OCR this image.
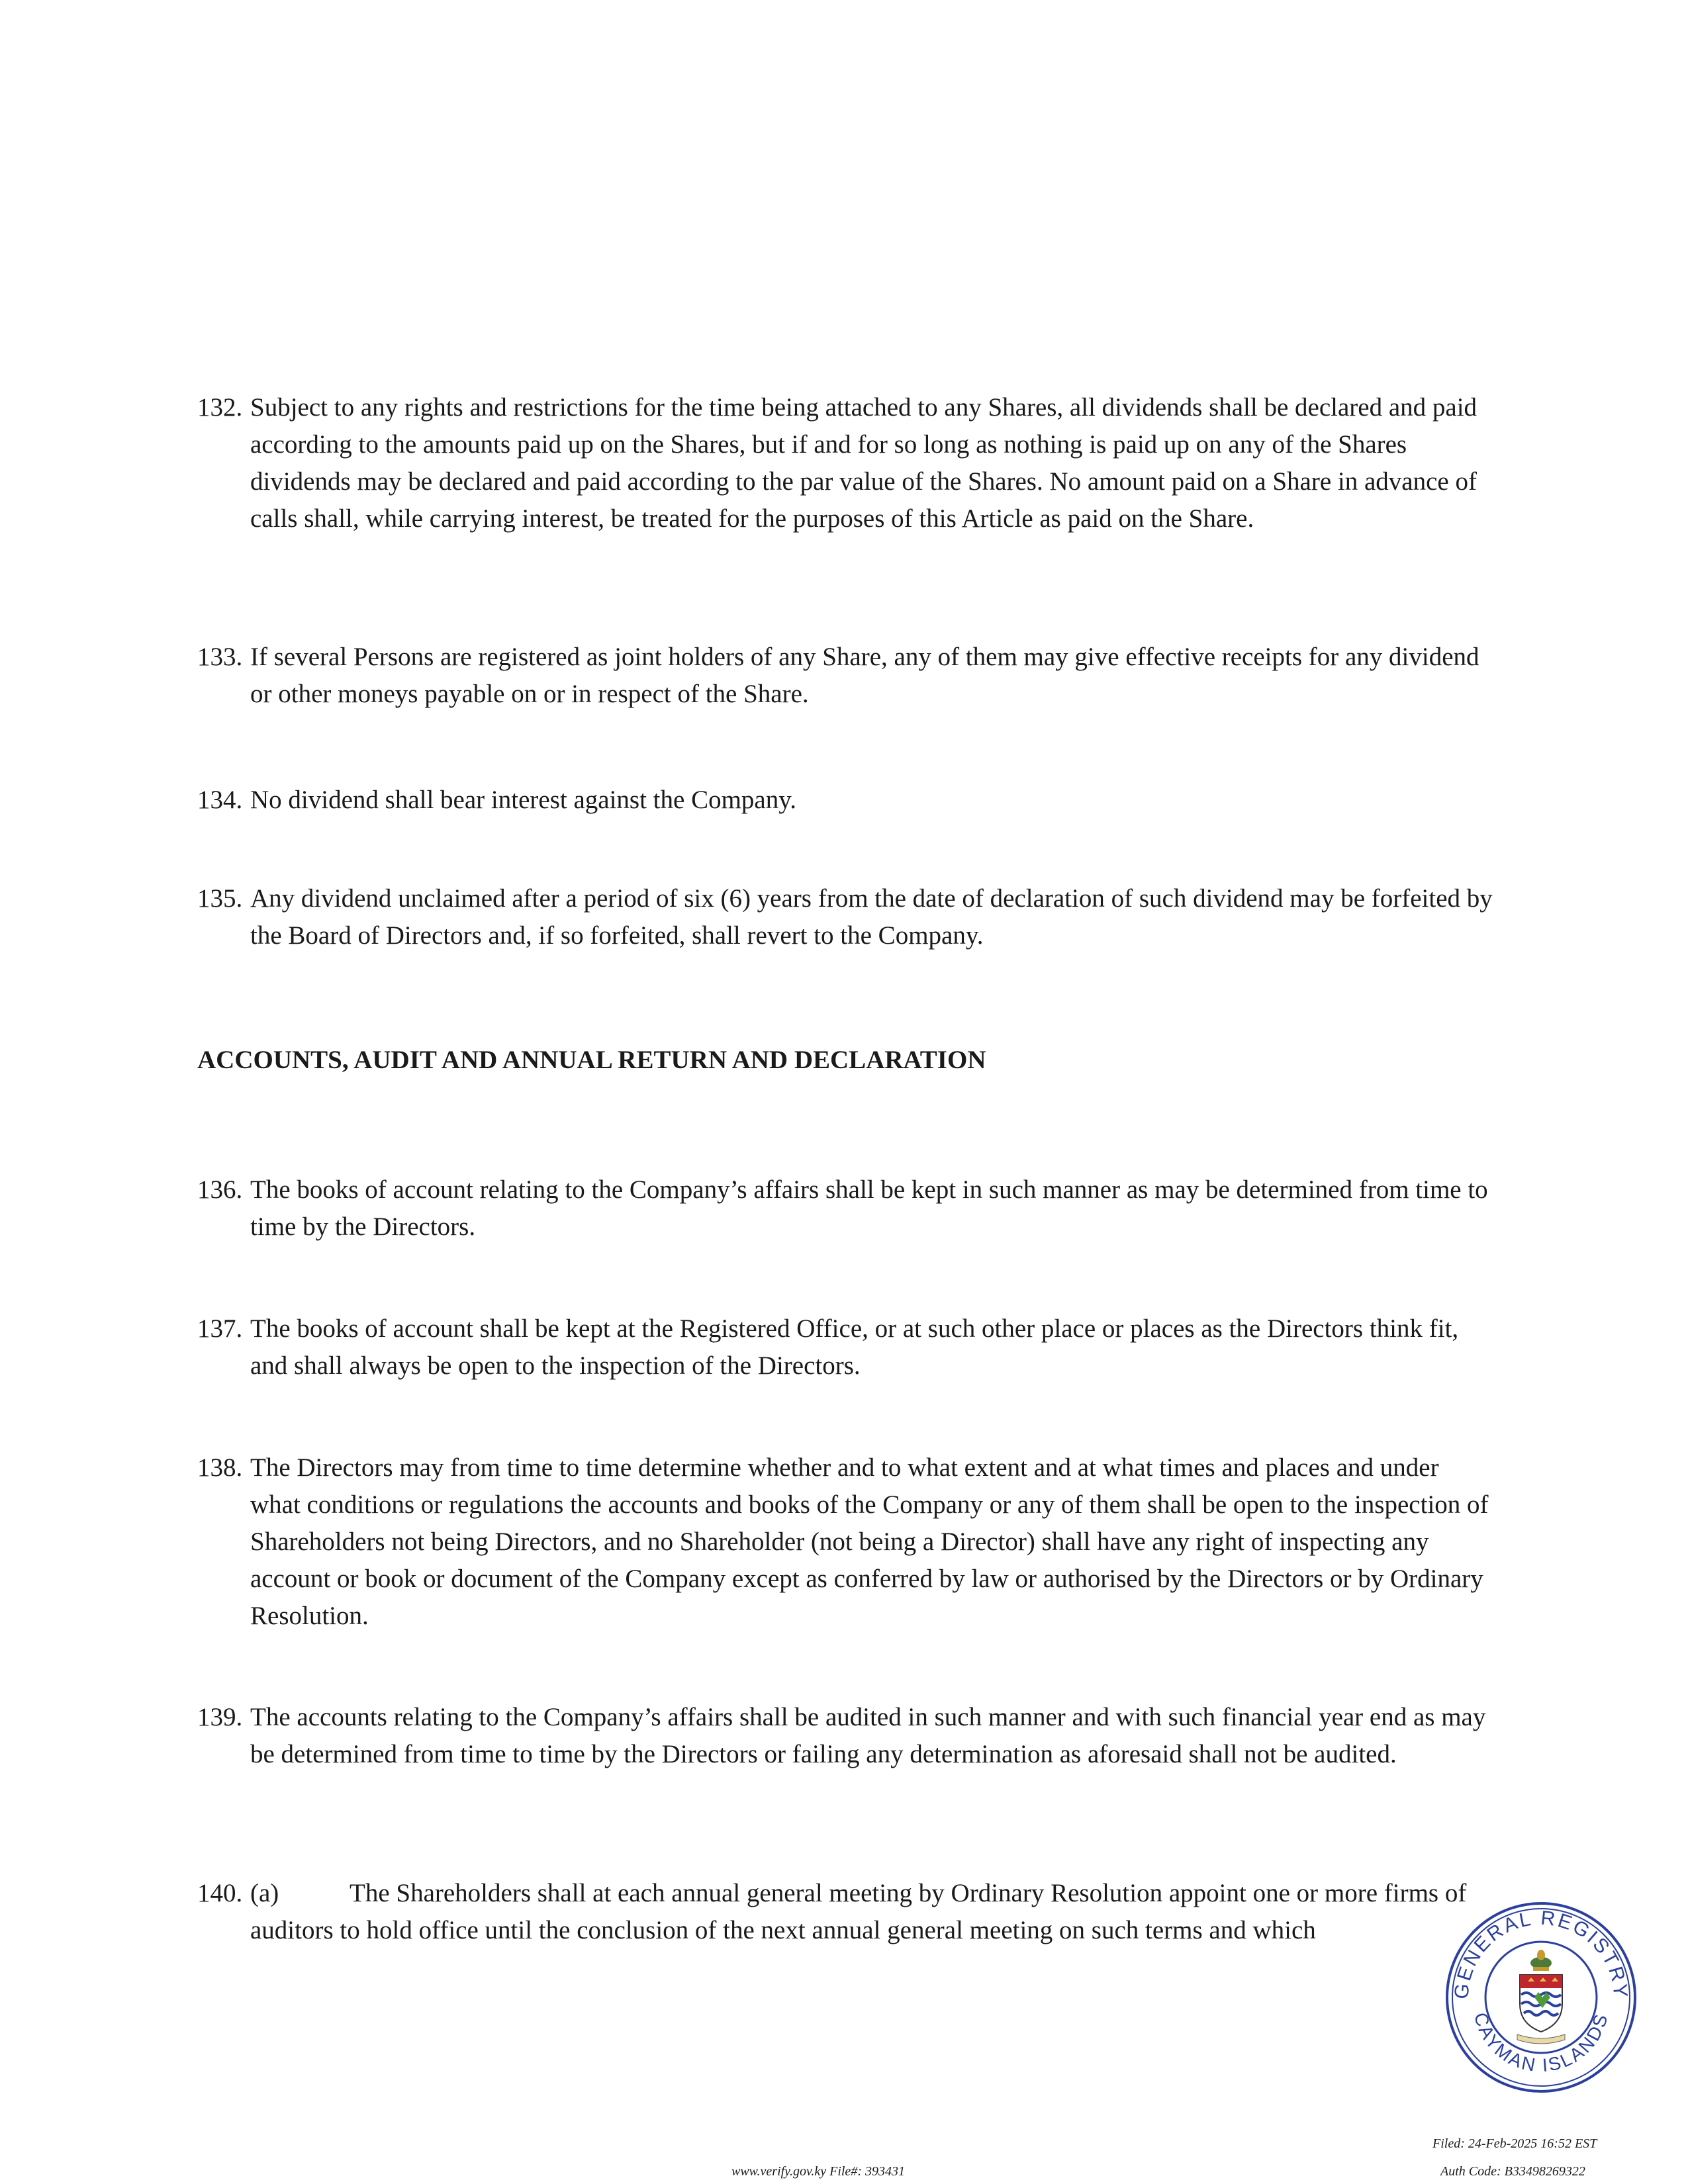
132. Subject to any rights and restrictions for the time being attached to any Shares, all dividends shall be declared and paid according to the amounts paid up on the Shares, but if and for so long as nothing is paid up on any of the Shares dividends may be declared and paid according to the par value of the Shares. No amount paid on a Share in advance of calls shall, while carrying interest, be treated for the purposes of this Article as paid on the Share.
133. If several Persons are registered as joint holders of any Share, any of them may give effective receipts for any dividend or other moneys payable on or in respect of the Share.
134. No dividend shall bear interest against the Company.
135. Any dividend unclaimed after a period of six (6) years from the date of declaration of such dividend may be forfeited by the Board of Directors and, if so forfeited, shall revert to the Company.
ACCOUNTS, AUDIT AND ANNUAL RETURN AND DECLARATION
136. The books of account relating to the Company’s affairs shall be kept in such manner as may be determined from time to time by the Directors.
137. The books of account shall be kept at the Registered Office, or at such other place or places as the Directors think fit, and shall always be open to the inspection of the Directors.
138. The Directors may from time to time determine whether and to what extent and at what times and places and under what conditions or regulations the accounts and books of the Company or any of them shall be open to the inspection of Shareholders not being Directors, and no Shareholder (not being a Director) shall have any right of inspecting any account or book or document of the Company except as conferred by law or authorised by the Directors or by Ordinary Resolution.
139. The accounts relating to the Company’s affairs shall be audited in such manner and with such financial year end as may be determined from time to time by the Directors or failing any determination as aforesaid shall not be audited.
140. (a)	The Shareholders shall at each annual general meeting by Ordinary Resolution appoint one or more firms of auditors to hold office until the conclusion of the next annual general meeting on such terms and which
GENERAL REGISTRY
CAYMAN ISLANDS
Filed: 24-Feb-2025 16:52 EST
www.verify.gov.ky File#: 393431	Auth Code: B33498269322
